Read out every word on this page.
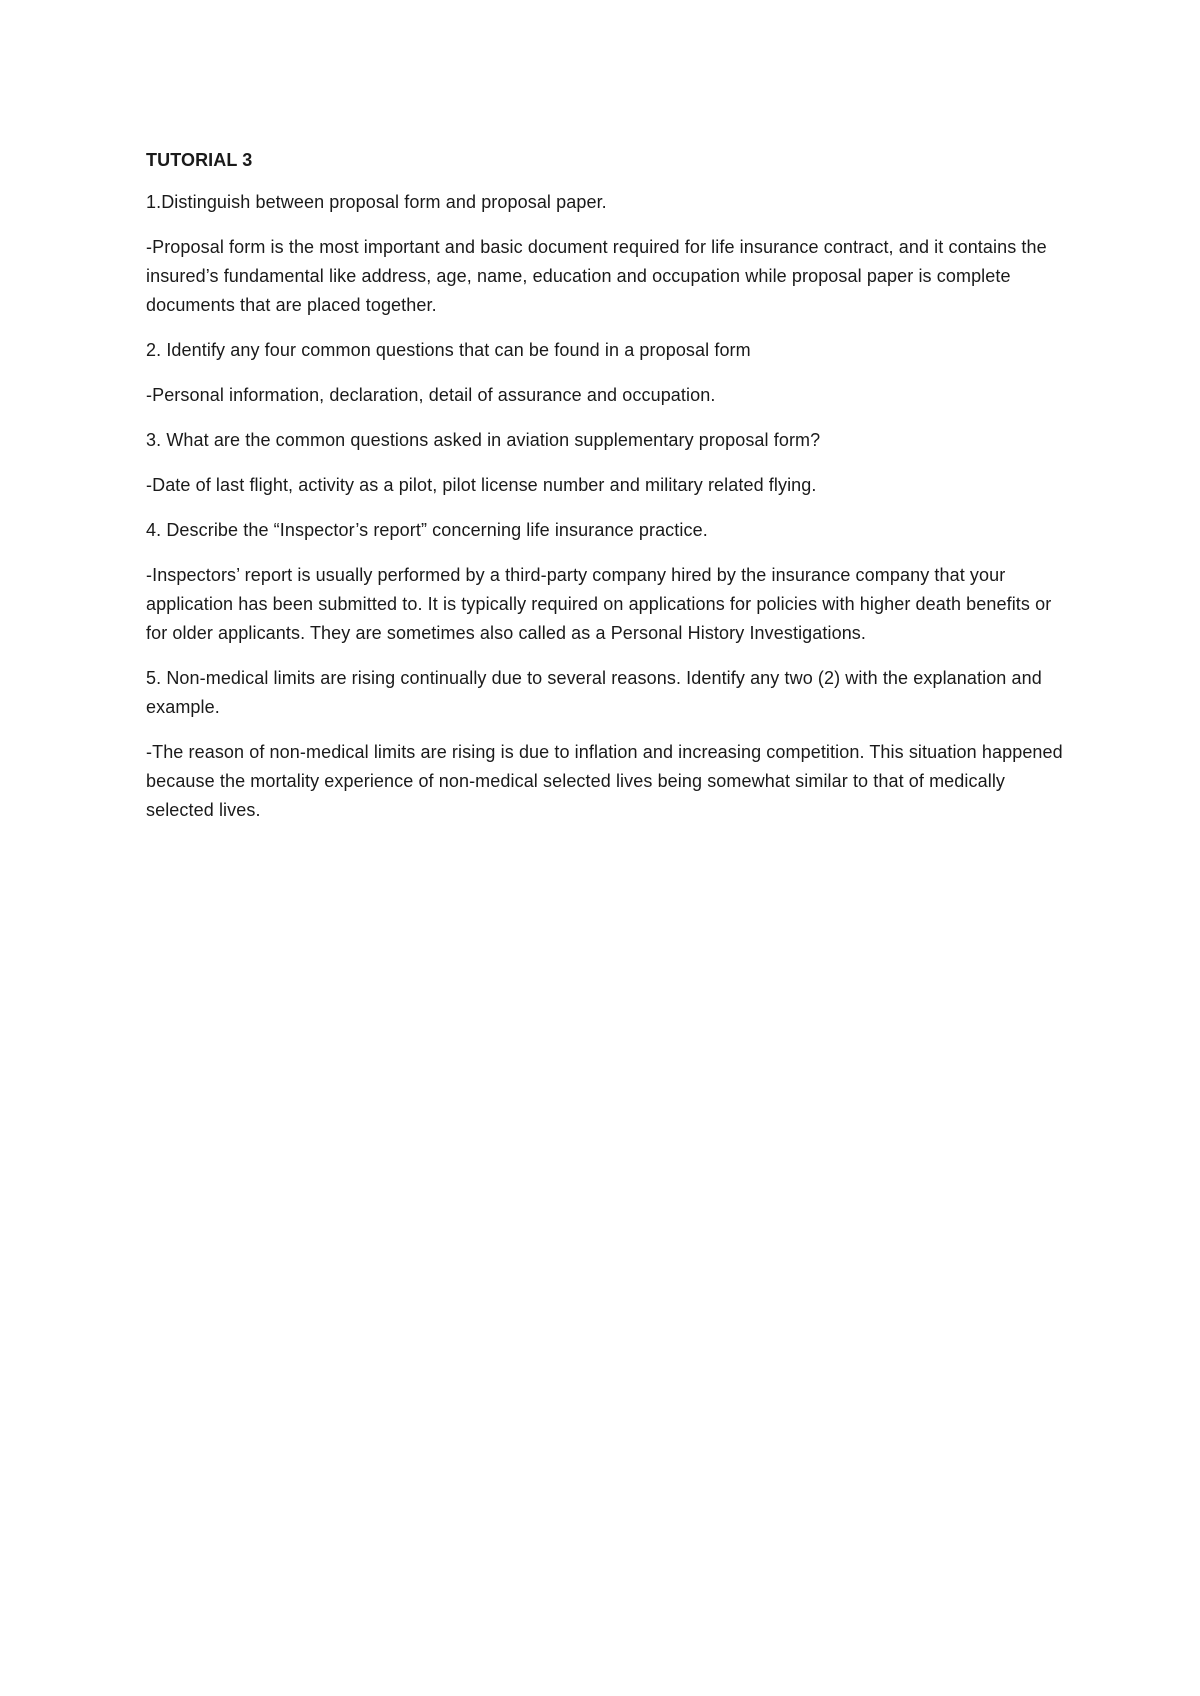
TUTORIAL 3
1.Distinguish between proposal form and proposal paper.
-Proposal form is the most important and basic document required for life insurance contract, and it contains the insured’s fundamental like address, age, name, education and occupation while proposal paper is complete documents that are placed together.
2. Identify any four common questions that can be found in a proposal form
-Personal information, declaration, detail of assurance and occupation.
3. What are the common questions asked in aviation supplementary proposal form?
-Date of last flight, activity as a pilot, pilot license number and military related flying.
4. Describe the “Inspector’s report” concerning life insurance practice.
-Inspectors’ report is usually performed by a third-party company hired by the insurance company that your application has been submitted to. It is typically required on applications for policies with higher death benefits or for older applicants. They are sometimes also called as a Personal History Investigations.
5. Non-medical limits are rising continually due to several reasons. Identify any two (2) with the explanation and example.
-The reason of non-medical limits are rising is due to inflation and increasing competition. This situation happened because the mortality experience of non-medical selected lives being somewhat similar to that of medically selected lives.
